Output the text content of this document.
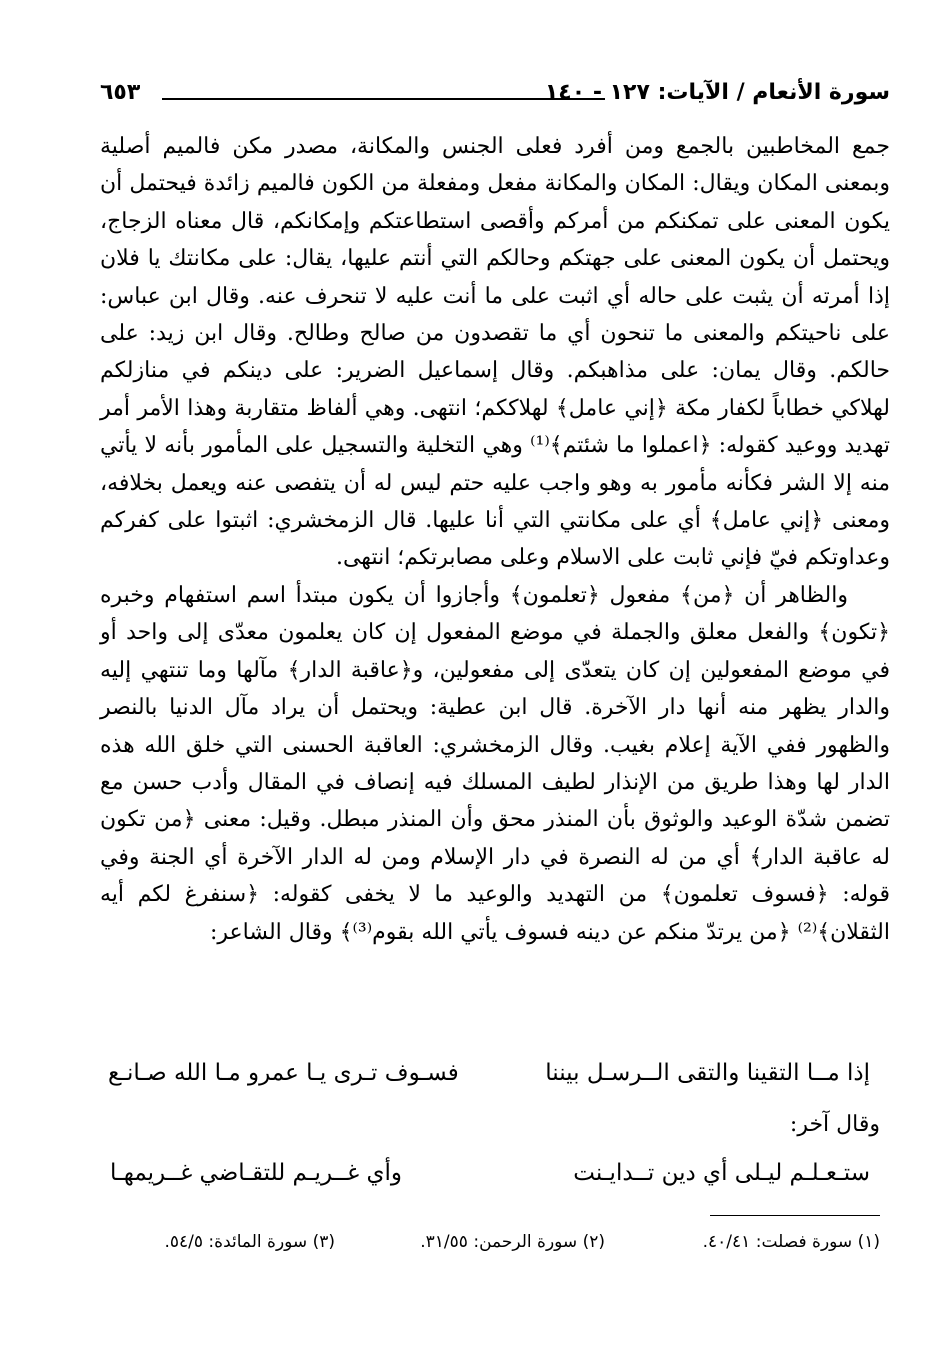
سورة الأنعام / الآيات: ١٢٧ - ١٤٠
٦٥٣

جمع المخاطبين بالجمع ومن أفرد فعلى الجنس والمكانة، مصدر مكن فالميم أصلية وبمعنى المكان ويقال: المكان والمكانة مفعل ومفعلة من الكون فالميم زائدة فيحتمل أن يكون المعنى على تمكنكم من أمركم وأقصى استطاعتكم وإمكانكم، قال معناه الزجاج، ويحتمل أن يكون المعنى على جهتكم وحالكم التي أنتم عليها، يقال: على مكانتك يا فلان إذا أمرته أن يثبت على حاله أي اثبت على ما أنت عليه لا تنحرف عنه. وقال ابن عباس: على ناحيتكم والمعنى ما تنحون أي ما تقصدون من صالح وطالح. وقال ابن زيد: على حالكم. وقال يمان: على مذاهبكم. وقال إسماعيل الضرير: على دينكم في منازلكم لهلاكي خطاباً لكفار مكة ﴿إني عامل﴾ لهلاككم؛ انتهى. وهي ألفاظ متقاربة وهذا الأمر أمر تهديد ووعيد كقوله: ﴿اعملوا ما شئتم﴾⁽¹⁾ وهي التخلية والتسجيل على المأمور بأنه لا يأتي منه إلا الشر فكأنه مأمور به وهو واجب عليه حتم ليس له أن يتفصى عنه ويعمل بخلافه، ومعنى ﴿إني عامل﴾ أي على مكانتي التي أنا عليها. قال الزمخشري: اثبتوا على كفركم وعداوتكم فيّ فإني ثابت على الاسلام وعلى مصابرتكم؛ انتهى.

والظاهر أن ﴿من﴾ مفعول ﴿تعلمون﴾ وأجازوا أن يكون مبتدأ اسم استفهام وخبره ﴿تكون﴾ والفعل معلق والجملة في موضع المفعول إن كان يعلمون معدّى إلى واحد أو في موضع المفعولين إن كان يتعدّى إلى مفعولين، و﴿عاقبة الدار﴾ مآلها وما تنتهي إليه والدار يظهر منه أنها دار الآخرة. قال ابن عطية: ويحتمل أن يراد مآل الدنيا بالنصر والظهور ففي الآية إعلام بغيب. وقال الزمخشري: العاقبة الحسنى التي خلق الله هذه الدار لها وهذا طريق من الإنذار لطيف المسلك فيه إنصاف في المقال وأدب حسن مع تضمن شدّة الوعيد والوثوق بأن المنذر محق وأن المنذر مبطل. وقيل: معنى ﴿من تكون له عاقبة الدار﴾ أي من له النصرة في دار الإسلام ومن له الدار الآخرة أي الجنة وفي قوله: ﴿فسوف تعلمون﴾ من التهديد والوعيد ما لا يخفى كقوله: ﴿سنفرغ لكم أيه الثقلان﴾⁽²⁾ ﴿من يرتدّ منكم عن دينه فسوف يأتي الله بقوم⁽³⁾﴾ وقال الشاعر:

إذا مــا التقينا والتقى الــرسـل بيننا
فسـوف تـرى يـا عمرو مـا الله صـانـع
وقال آخر:
ستـعـلـم ليـلى أي دين تــدايـنت
وأي غــريـم للتقـاضي غــريمهـا
(١) سورة فصلت: ٤٠/٤١.
(٢) سورة الرحمن: ٣١/٥٥.
(٣) سورة المائدة: ٥٤/٥.
